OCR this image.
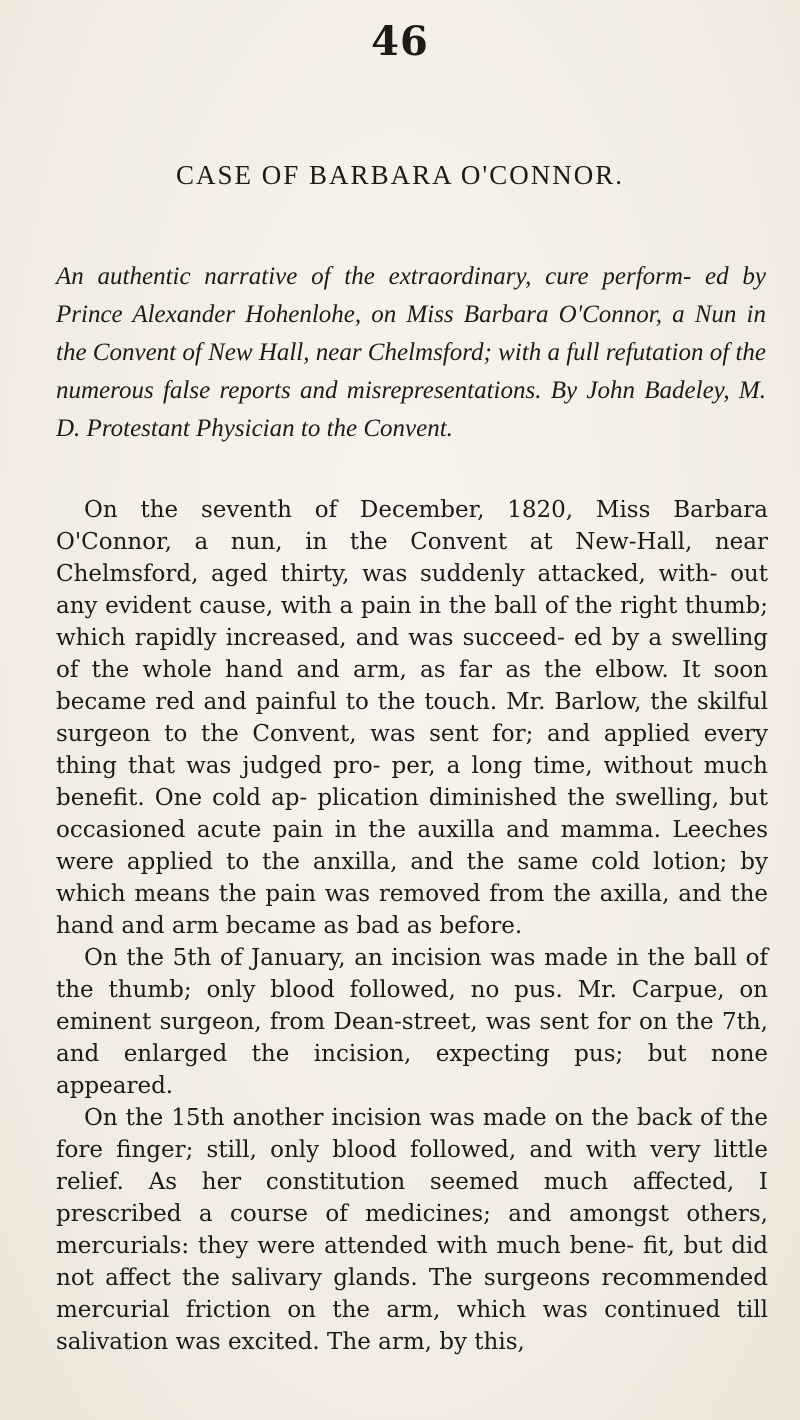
46
CASE OF BARBARA O'CONNOR.
An authentic narrative of the extraordinary, cure perform- ed by Prince Alexander Hohenlohe, on Miss Barbara O'Connor, a Nun in the Convent of New Hall, near Chelmsford; with a full refutation of the numerous false reports and misrepresentations. By John Badeley, M. D. Protestant Physician to the Convent.

On the seventh of December, 1820, Miss Barbara O'Connor, a nun, in the Convent at New-Hall, near Chelmsford, aged thirty, was suddenly attacked, with- out any evident cause, with a pain in the ball of the right thumb; which rapidly increased, and was succeed- ed by a swelling of the whole hand and arm, as far as the elbow. It soon became red and painful to the touch. Mr. Barlow, the skilful surgeon to the Convent, was sent for; and applied every thing that was judged pro- per, a long time, without much benefit. One cold ap- plication diminished the swelling, but occasioned acute pain in the auxilla and mamma. Leeches were applied to the anxilla, and the same cold lotion; by which means the pain was removed from the axilla, and the hand and arm became as bad as before.

On the 5th of January, an incision was made in the ball of the thumb; only blood followed, no pus. Mr. Carpue, on eminent surgeon, from Dean-street, was sent for on the 7th, and enlarged the incision, expecting pus; but none appeared.

On the 15th another incision was made on the back of the fore finger; still, only blood followed, and with very little relief. As her constitution seemed much affected, I prescribed a course of medicines; and amongst others, mercurials: they were attended with much bene- fit, but did not affect the salivary glands. The surgeons recommended mercurial friction on the arm, which was continued till salivation was excited. The arm, by this,
